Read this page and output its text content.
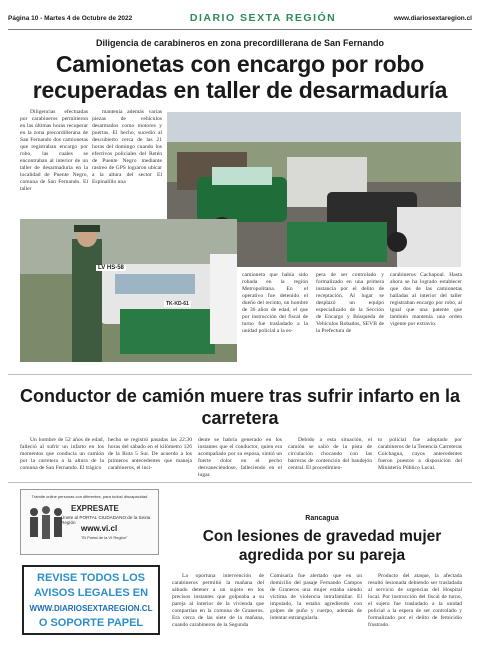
Página 10 - Martes 4 de Octubre de 2022	DIARIO SEXTA REGIÓN	www.diariosextaregion.cl
Diligencia de carabineros en zona precordillerana de San Fernando
Camionetas con encargo por robo recuperadas en taller de desarmaduría

Diligencias efectuadas por carabineros permitieron en las últimas horas recuperar en la zona precordillerana de San Fernando dos camionetas que registraban encargo por robo, las cuales se encontraban al interior de un taller de desarmaduría en la localidad de Puente Negro, comuna de San Fernando. El taller

mantenía además varias piezas de vehículos desarmados como motores y puertas. El hecho, sucedió al descubierto cerca de las 21 horas del domingo cuando los efectivos policiales del Retén de Puente Negro mediante rastreo de GPS lograron ubicar a la altura del sector El Espinalillo una

LV HS-58
TK-KD-61

camioneta que había sido robada en la región Metropolitana. En el operativo fue detenido el dueño del recinto, un hombre de 36 años de edad, el que por instrucción del fiscal de turno fue trasladado a la unidad policial a la es-

pera de ser controlado y formalizado en una primera instancia por el delito de receptación. Al lugar se desplazó un equipo especializado de la Sección de Encargo y Búsqueda de Vehículos Robados, SEVB de la Prefectura de

carabineros Cachapoal. Hasta ahora se ha logrado establecer que dos de las camionetas halladas al interior del taller registraban encargo por robo, al igual que una patente que también mantenía una orden vigente por extravío.

Conductor de camión muere tras sufrir infarto en la carretera

Un hombre de 52 años de edad, falleció al sufrir un infarto en los momentos que conducía un camión por la carretera a la altura de la comuna de San Fernando. El trágico

hecho se registró pasadas las 22:30 horas del sábado en el kilómetro 126 de la Ruta 5 Sur. De acuerdo a los primeros antecedentes que maneja carabineros, el inci-

dente se habría generado en los instantes que el conductor, quien era acompañado por su esposa, sintió un fuerte dolor en el pecho desvaneciéndose, falleciendo en el lugar.

Debido a esta situación, el camión se salió de la pista de circulación chocando con las barreras de contención del bandejón central. El procedimien-

to policial fue adoptado por carabineros de la Tenencia Carreteras Colchagua, cuyos antecedentes fueron puestos a disposición del Ministerio Público Local.

Trámite online personas con diferentes, para todos/ discapacidad
EXPRESATE
Únete al PORTAL CIUDADANO de la Sexta Región
www.vi.cl
"El Portal de la VI Región"
REVISE TODOS LOS
AVISOS LEGALES EN
WWW.DIARIOSEXTAREGION.CL
O SOPORTE PAPEL
Rancagua
Con lesiones de gravedad mujer agredida por su pareja

La oportuna intervención de carabineros permitió la mañana del sábado detener a un sujeto en los precisos instantes que golpeaba a su pareja al interior de la vivienda que compartían en la comuna de Graneros. Era cerca de las siete de la mañana, cuando carabineros de la Segunda

Comisaría fue alertado que en un domicilio del pasaje Fernando Campos de Graneros una mujer estaba siendo víctima de violencia intrafamiliar. El imputado, la estaba agrediendo con golpes de puño y cuerpo, además de intentar estrangularla.

Producto del ataque, la afectada resultó lesionada debiendo ser trasladada al servicio de urgencias del Hospital local. Por instrucción del fiscal de turno, el sujeto fue trasladado a la unidad policial a la espera de ser controlado y formalizado por el delito de femicidio frustrado.
